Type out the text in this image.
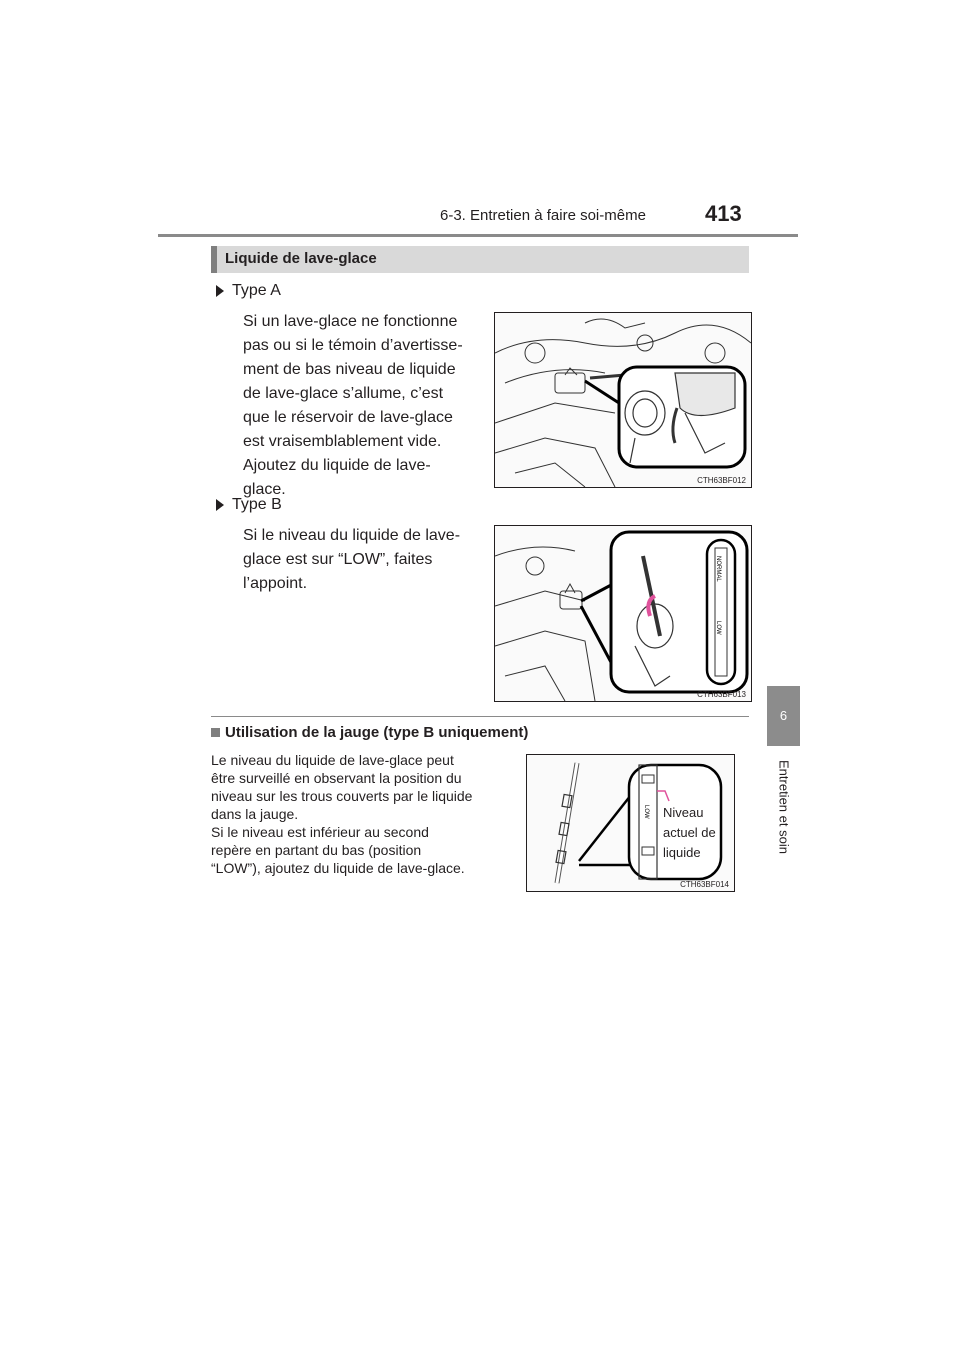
6-3. Entretien à faire soi-même	413
6
Entretien et soin
Liquide de lave-glace
Type A
Si un lave-glace ne fonctionne
pas ou si le témoin d’avertisse-
ment de bas niveau de liquide
de lave-glace s’allume, c’est
que le réservoir de lave-glace
est vraisemblablement vide.
Ajoutez du liquide de lave-
glace.
CTH63BF012
Type B
Si le niveau du liquide de lave-
glace est sur “LOW”, faites
l’appoint.
NORMAL
LOW
CTH63BF013
Utilisation de la jauge (type B uniquement)
Le niveau du liquide de lave-glace peut
être surveillé en observant la position du
niveau sur les trous couverts par le liquide
dans la jauge.
Si le niveau est inférieur au second
repère en partant du bas (position
“LOW”), ajoutez du liquide de lave-glace.
LOW Niveau
actuel de
liquide
CTH63BF014
